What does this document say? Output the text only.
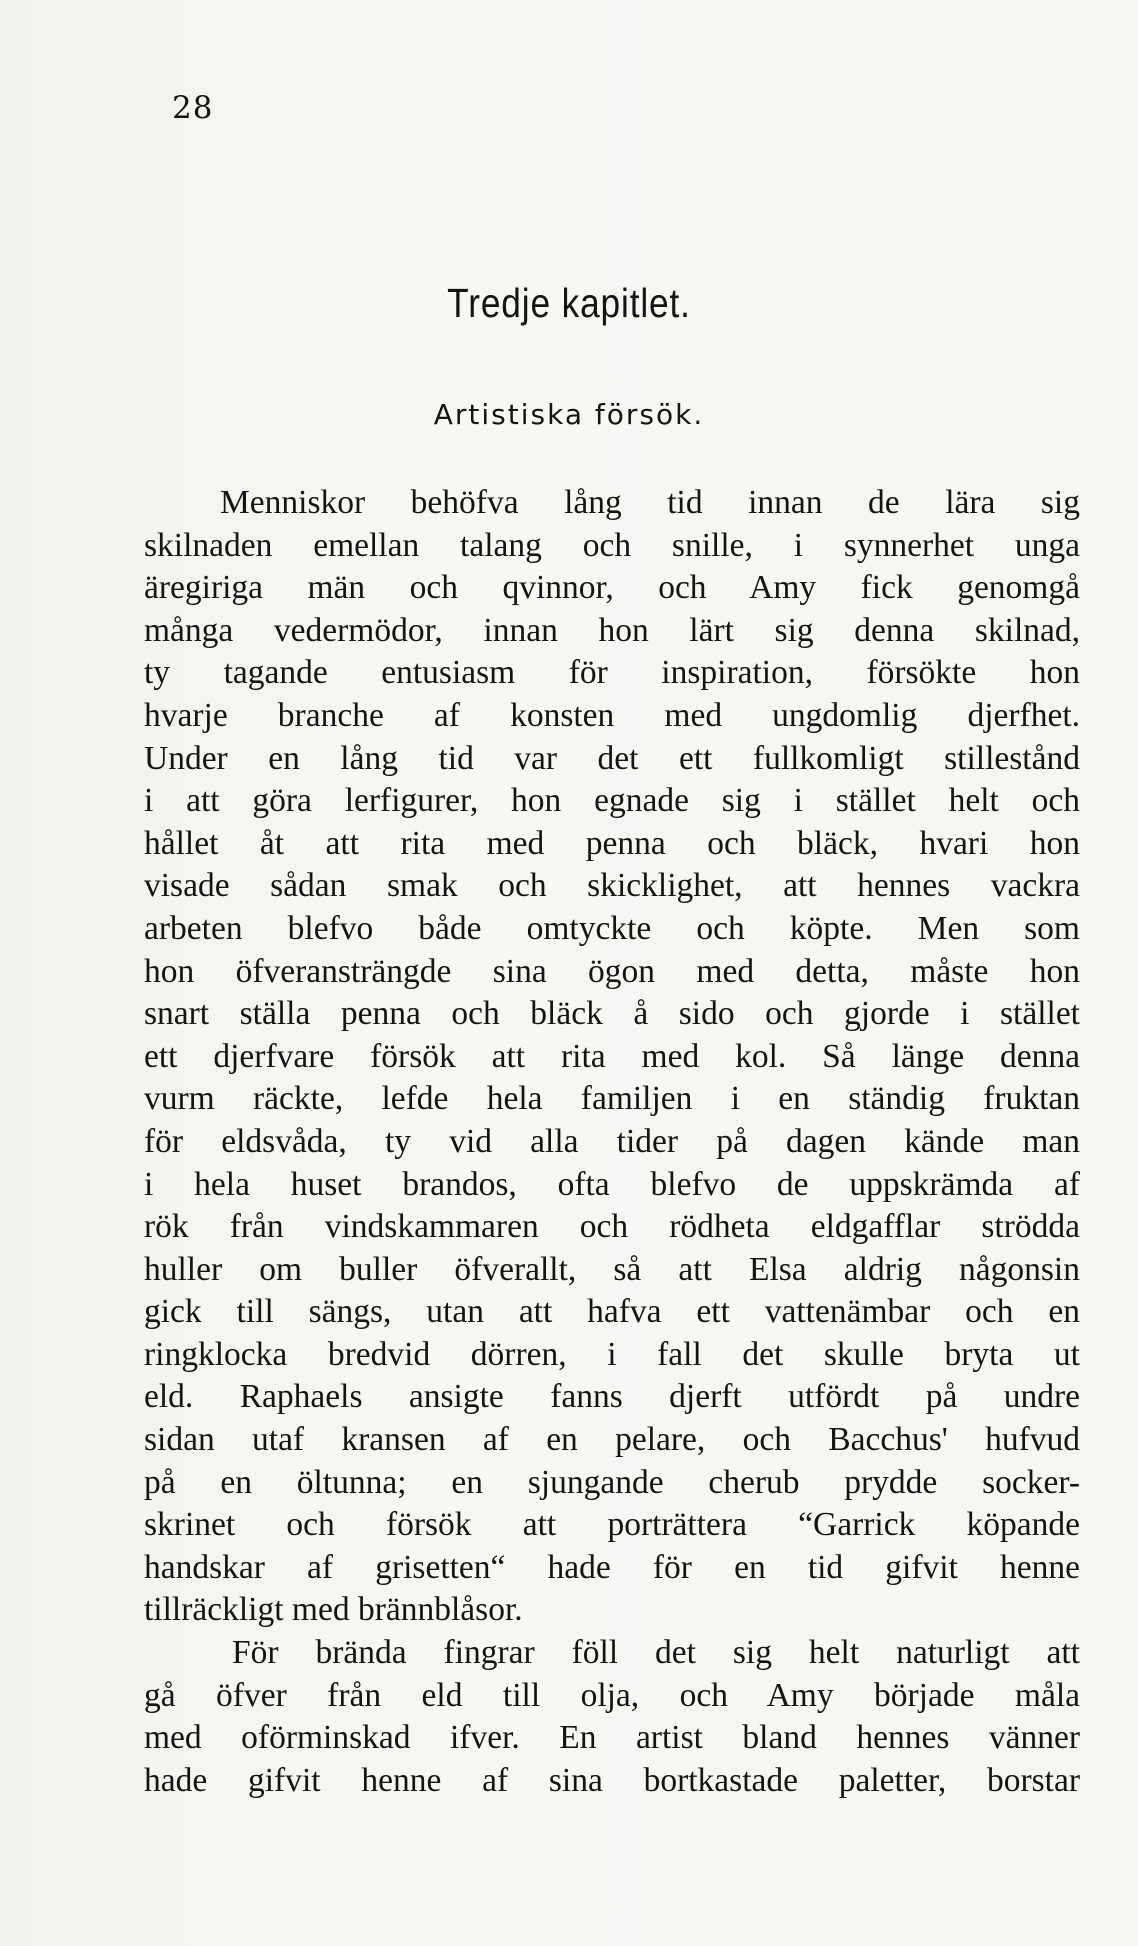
28
Tredje kapitlet.
Artistiska försök.
Menniskor behöfva lång tid innan de lära sig
skilnaden emellan talang och snille, i synnerhet unga
äregiriga män och qvinnor, och Amy fick genomgå
många vedermödor, innan hon lärt sig denna skilnad,
ty tagande entusiasm för inspiration, försökte hon
hvarje branche af konsten med ungdomlig djerfhet.
Under en lång tid var det ett fullkomligt stillestånd
i att göra lerfigurer, hon egnade sig i stället helt och
hållet åt att rita med penna och bläck, hvari hon
visade sådan smak och skicklighet, att hennes vackra
arbeten blefvo både omtyckte och köpte. Men som
hon öfveransträngde sina ögon med detta, måste hon
snart ställa penna och bläck å sido och gjorde i stället
ett djerfvare försök att rita med kol. Så länge denna
vurm räckte, lefde hela familjen i en ständig fruktan
för eldsvåda, ty vid alla tider på dagen kände man
i hela huset brandos, ofta blefvo de uppskrämda af
rök från vindskammaren och rödheta eldgafflar strödda
huller om buller öfverallt, så att Elsa aldrig någonsin
gick till sängs, utan att hafva ett vattenämbar och en
ringklocka bredvid dörren, i fall det skulle bryta ut
eld. Raphaels ansigte fanns djerft utfördt på undre
sidan utaf kransen af en pelare, och Bacchus' hufvud
på en öltunna; en sjungande cherub prydde socker-
skrinet och försök att porträttera “Garrick köpande
handskar af grisetten“ hade för en tid gifvit henne
tillräckligt med brännblåsor.
För brända fingrar föll det sig helt naturligt att
gå öfver från eld till olja, och Amy började måla
med oförminskad ifver. En artist bland hennes vänner
hade gifvit henne af sina bortkastade paletter, borstar
